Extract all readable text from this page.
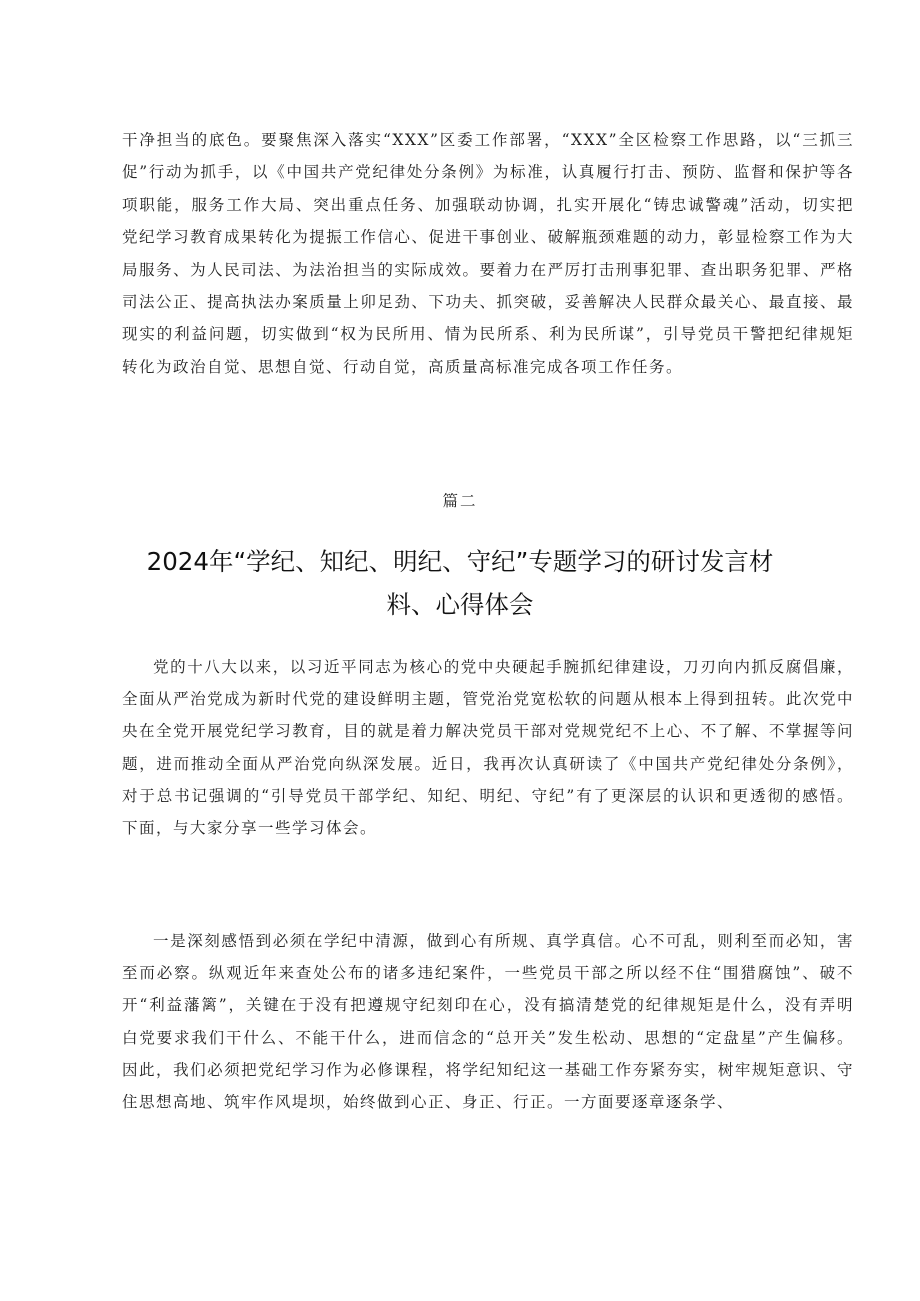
干净担当的底色。要聚焦深入落实“XXX”区委工作部署，“XXX”全区检察工作思路，以“三抓三促”行动为抓手，以《中国共产党纪律处分条例》为标准，认真履行打击、预防、监督和保护等各项职能，服务工作大局、突出重点任务、加强联动协调，扎实开展化“铸忠诚警魂”活动，切实把党纪学习教育成果转化为提振工作信心、促进干事创业、破解瓶颈难题的动力，彰显检察工作为大局服务、为人民司法、为法治担当的实际成效。要着力在严厉打击刑事犯罪、查出职务犯罪、严格司法公正、提高执法办案质量上卯足劲、下功夫、抓突破，妥善解决人民群众最关心、最直接、最现实的利益问题，切实做到“权为民所用、情为民所系、利为民所谋”，引导党员干警把纪律规矩转化为政治自觉、思想自觉、行动自觉，高质量高标准完成各项工作任务。

篇二

2024年“学纪、知纪、明纪、守纪”专题学习的研讨发言材
料、心得体会

党的十八大以来，以习近平同志为核心的党中央硬起手腕抓纪律建设，刀刃向内抓反腐倡廉，全面从严治党成为新时代党的建设鲜明主题，管党治党宽松软的问题从根本上得到扭转。此次党中央在全党开展党纪学习教育，目的就是着力解决党员干部对党规党纪不上心、不了解、不掌握等问题，进而推动全面从严治党向纵深发展。近日，我再次认真研读了《中国共产党纪律处分条例》，对于总书记强调的“引导党员干部学纪、知纪、明纪、守纪”有了更深层的认识和更透彻的感悟。下面，与大家分享一些学习体会。

一是深刻感悟到必须在学纪中清源，做到心有所规、真学真信。心不可乱，则利至而必知，害至而必察。纵观近年来查处公布的诸多违纪案件，一些党员干部之所以经不住“围猎腐蚀”、破不开“利益藩篱”，关键在于没有把遵规守纪刻印在心，没有搞清楚党的纪律规矩是什么，没有弄明白党要求我们干什么、不能干什么，进而信念的“总开关”发生松动、思想的“定盘星”产生偏移。因此，我们必须把党纪学习作为必修课程，将学纪知纪这一基础工作夯紧夯实，树牢规矩意识、守住思想高地、筑牢作风堤坝，始终做到心正、身正、行正。一方面要逐章逐条学、
